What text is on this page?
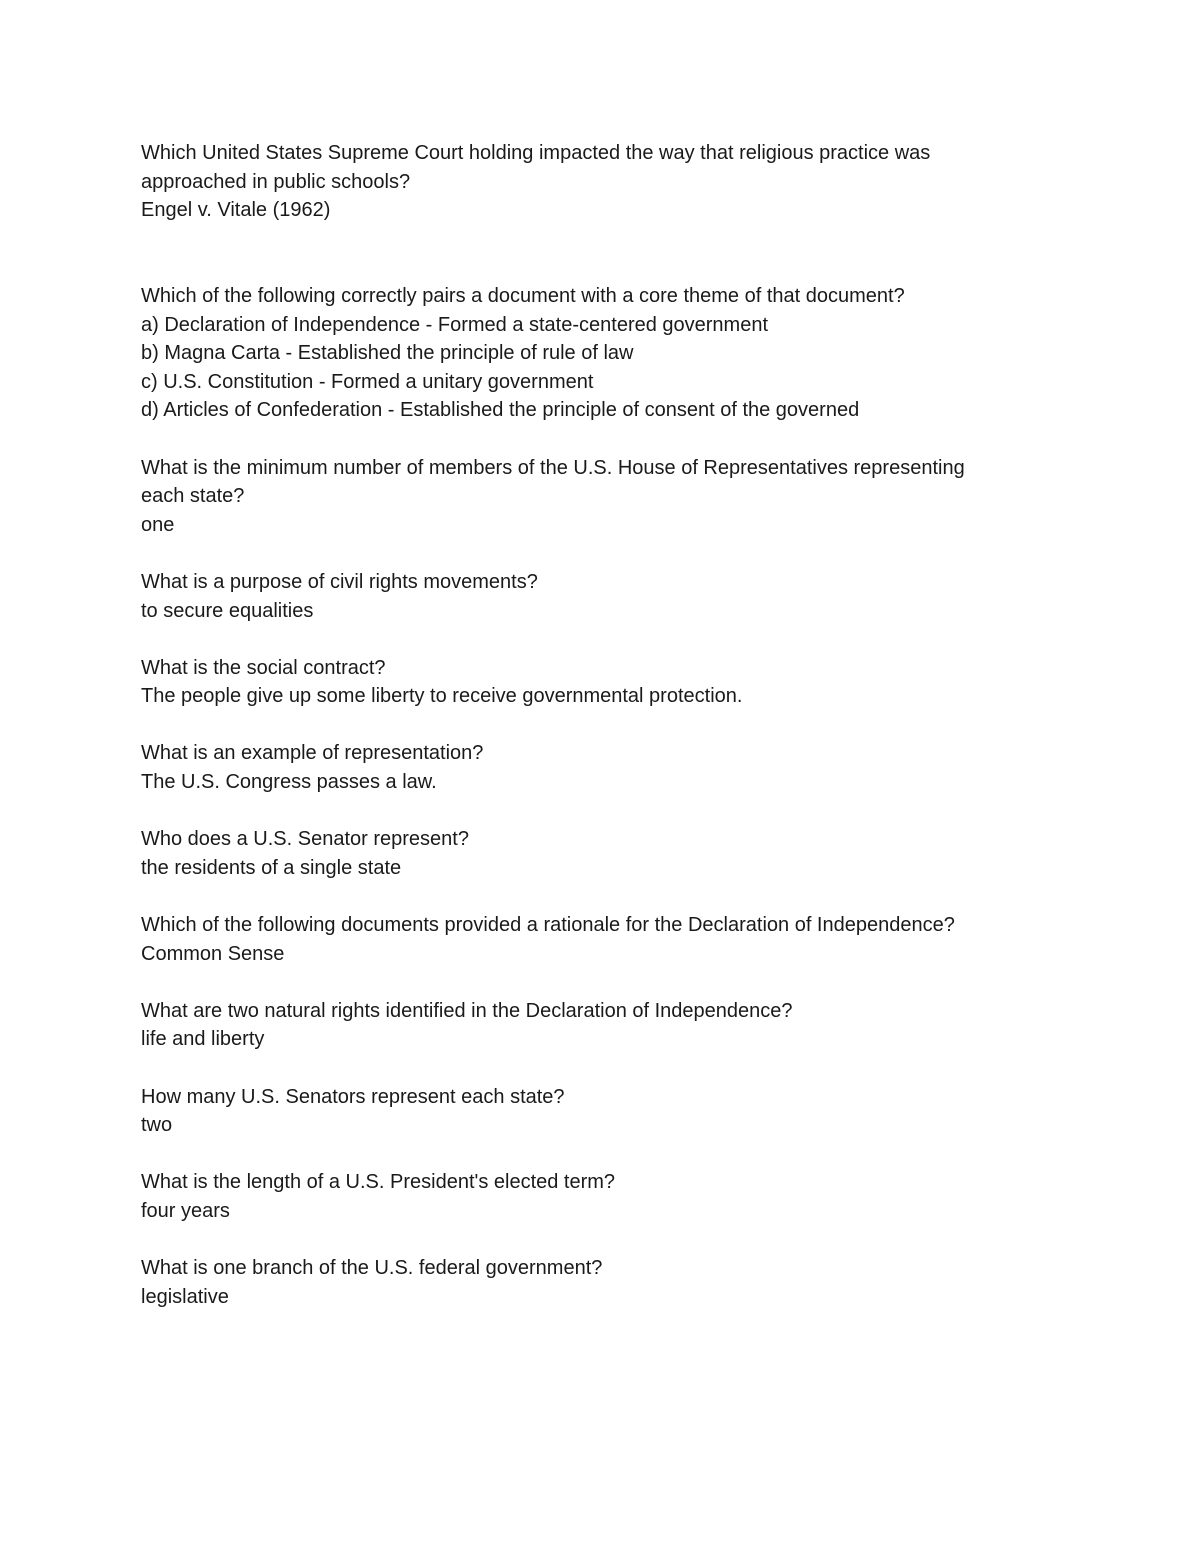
Which United States Supreme Court holding impacted the way that religious practice was
approached in public schools?
Engel v. Vitale (1962)
Which of the following correctly pairs a document with a core theme of that document?
a) Declaration of Independence - Formed a state-centered government
b) Magna Carta - Established the principle of rule of law
c) U.S. Constitution - Formed a unitary government
d) Articles of Confederation - Established the principle of consent of the governed
What is the minimum number of members of the U.S. House of Representatives representing
each state?
one
What is a purpose of civil rights movements?
to secure equalities
What is the social contract?
The people give up some liberty to receive governmental protection.
What is an example of representation?
The U.S. Congress passes a law.
Who does a U.S. Senator represent?
the residents of a single state
Which of the following documents provided a rationale for the Declaration of Independence?
Common Sense
What are two natural rights identified in the Declaration of Independence?
life and liberty
How many U.S. Senators represent each state?
two
What is the length of a U.S. President's elected term?
four years
What is one branch of the U.S. federal government?
legislative
